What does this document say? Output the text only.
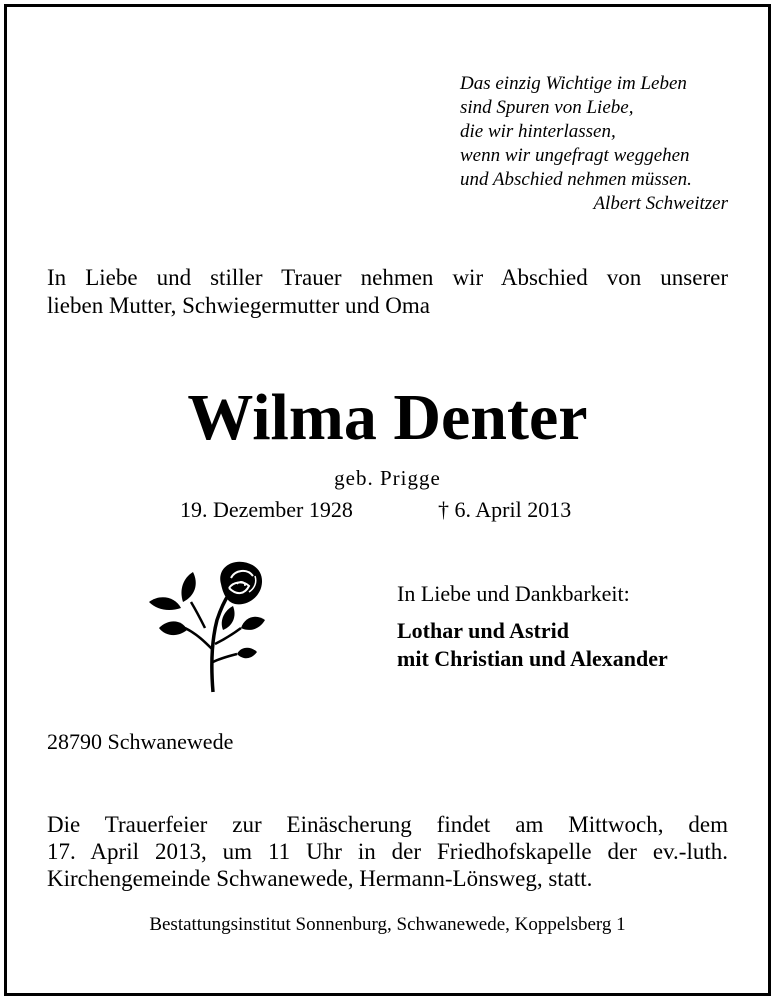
Das einzig Wichtige im Leben
sind Spuren von Liebe,
die wir hinterlassen,
wenn wir ungefragt weggehen
und Abschied nehmen müssen.
Albert Schweitzer
In Liebe und stiller Trauer nehmen wir Abschied von unserer
lieben Mutter, Schwiegermutter und Oma
Wilma Denter
geb. Prigge
19. Dezember 1928	† 6. April 2013
In Liebe und Dankbarkeit:
Lothar und Astrid
mit Christian und Alexander
28790 Schwanewede
Die Trauerfeier zur Einäscherung findet am Mittwoch, dem
17. April 2013, um 11 Uhr in der Friedhofskapelle der ev.-luth.
Kirchengemeinde Schwanewede, Hermann-Lönsweg, statt.
Bestattungsinstitut Sonnenburg, Schwanewede, Koppelsberg 1
